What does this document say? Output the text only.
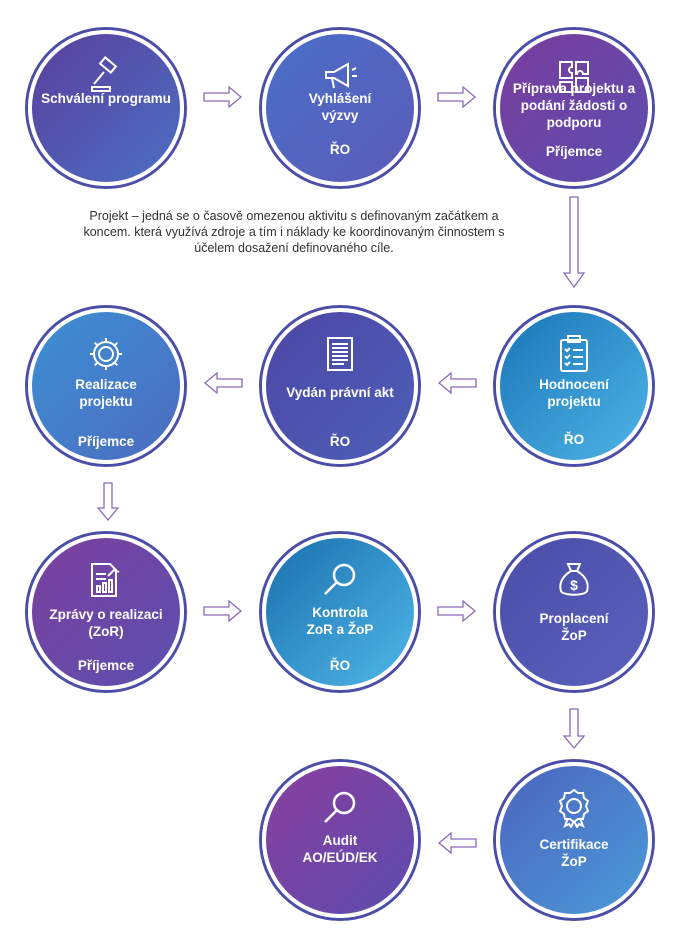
Projekt – jedná se o časově omezenou aktivitu s definovaným začátkem a koncem. která využívá zdroje a tím i náklady ke koordinovaným činnostem s účelem dosažení definovaného cíle.
Schválení programu	Vyhlášení výzvy
ŘO
Příprava projektu a podání žádosti o podporu
Příjemce
Realizace projektu
Příjemce
Vydán právní akt
ŘO
Hodnocení projektu
ŘO
Zprávy o realizaci (ZoR)
Příjemce
Kontrola ZoR a ŽoP
ŘO
$
Proplacení ŽoP
Audit AO/EÚD/EK
Certifikace ŽoP
